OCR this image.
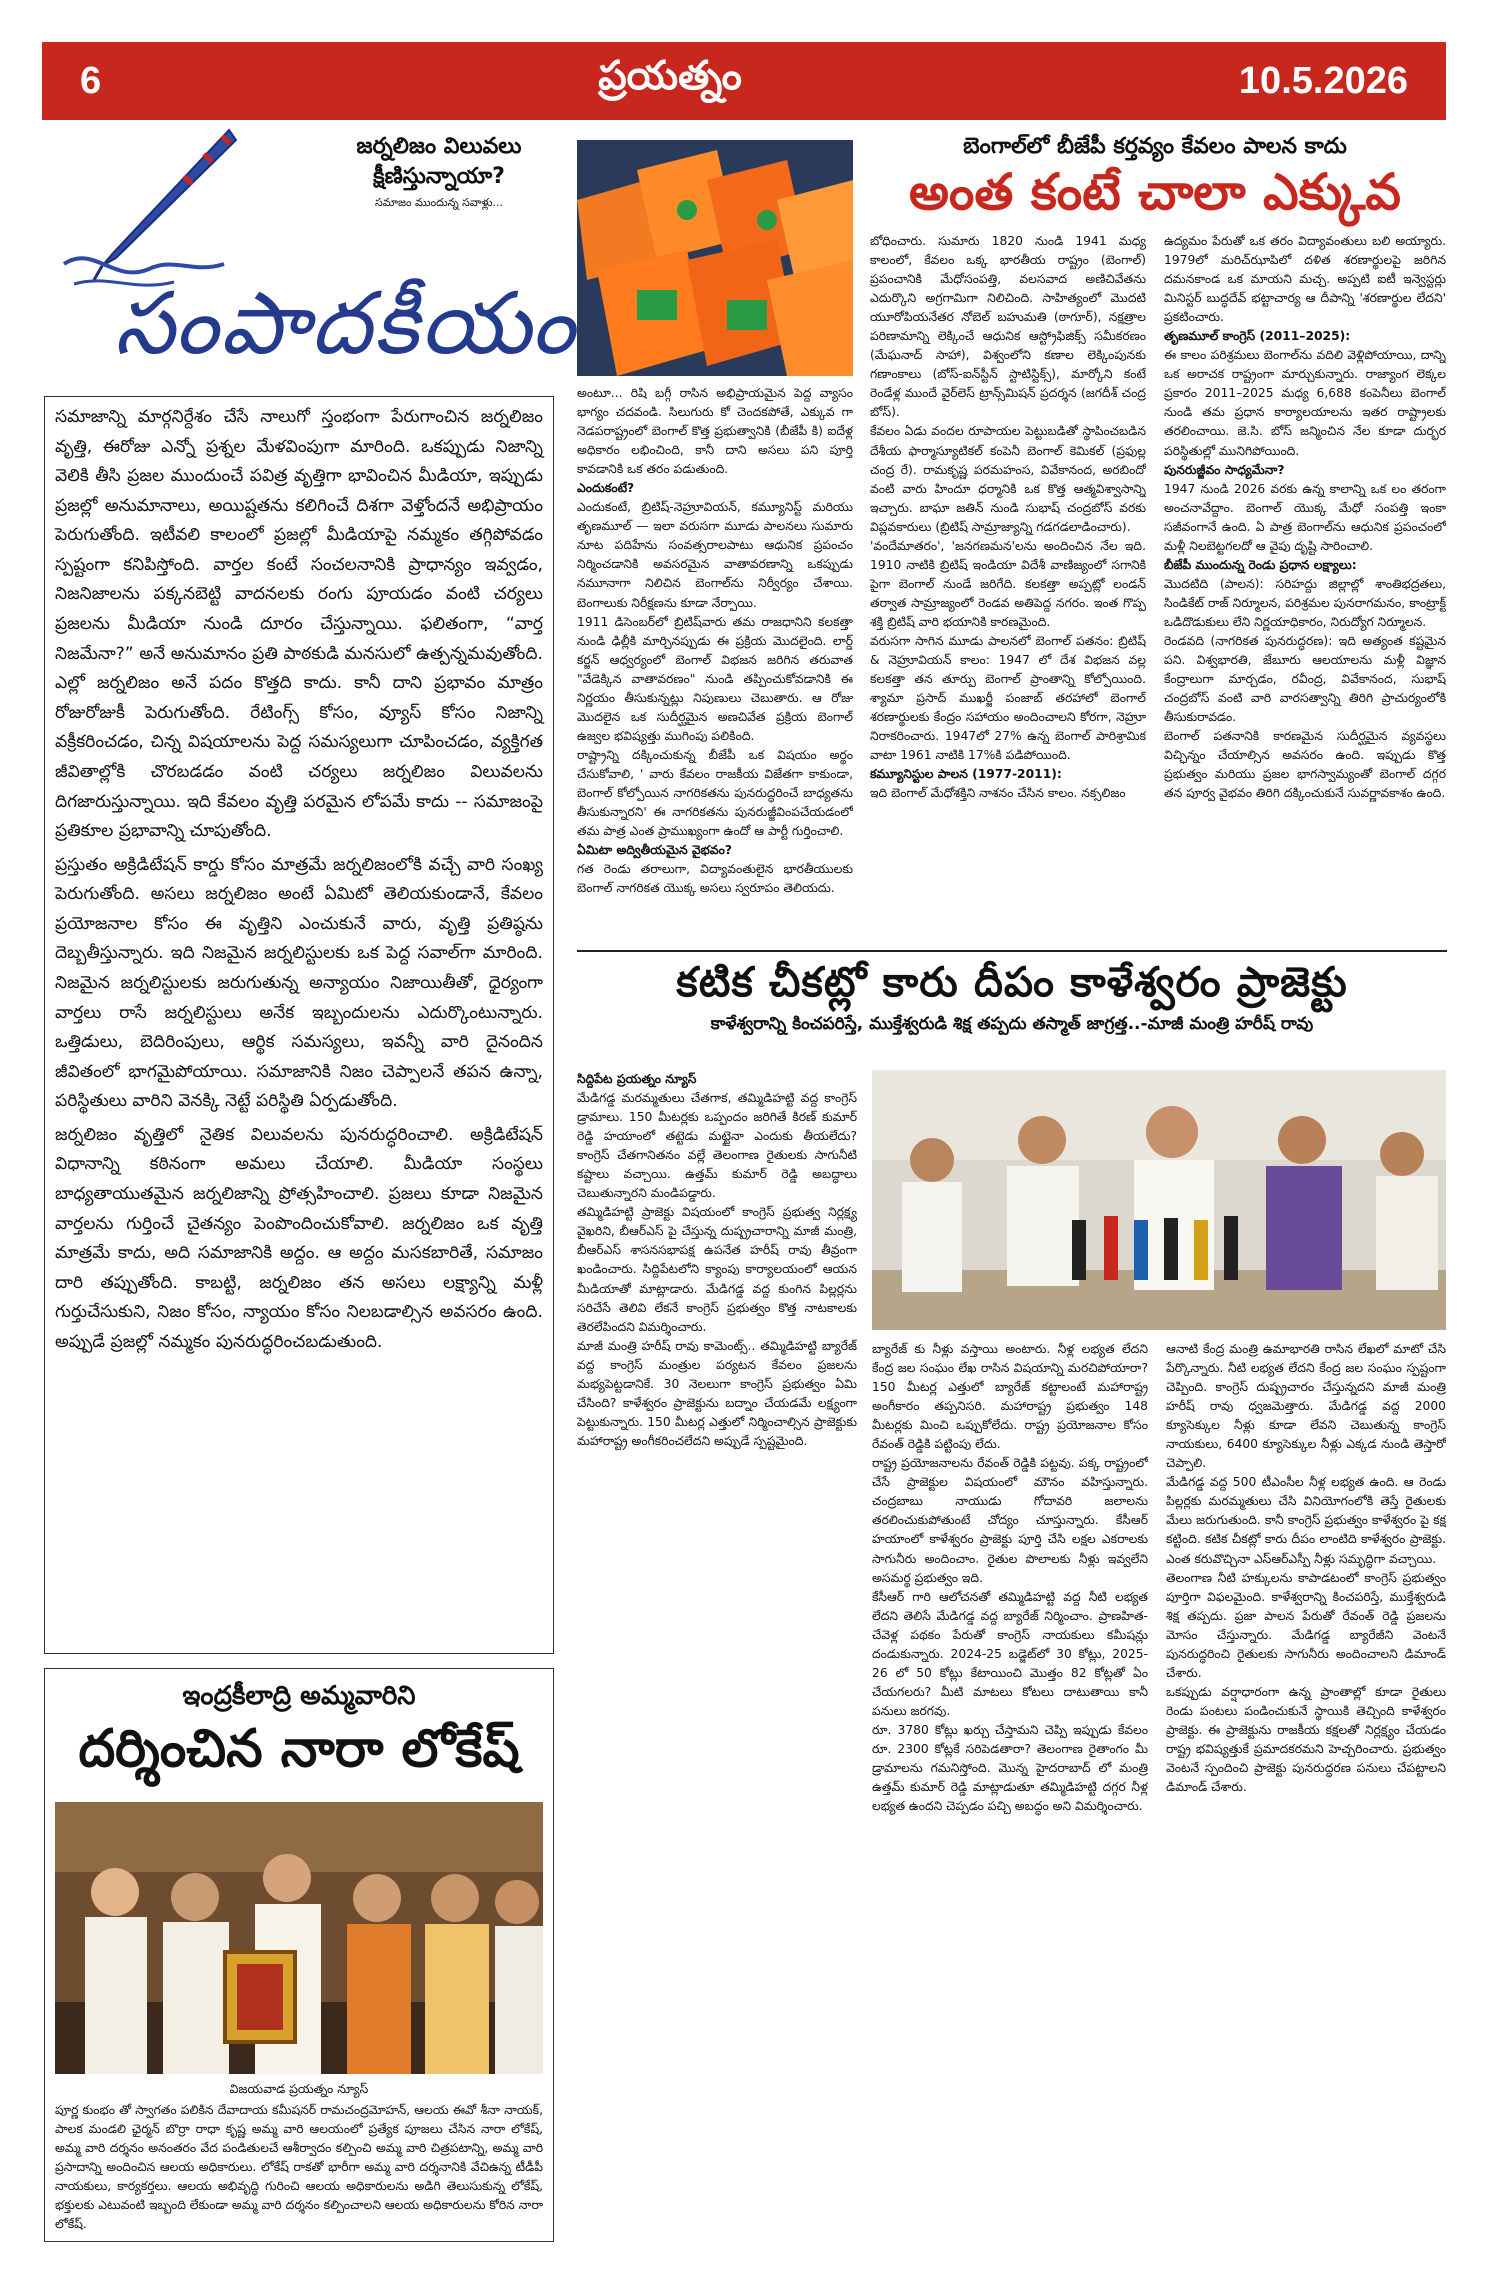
6	ప్రయత్నం	10.5.2026
జర్నలిజం విలువలు
క్షీణిస్తున్నాయా?
సమాజం ముందున్న సవాళ్లు...
సంపాదకీయం

సమాజాన్ని మార్గనిర్దేశం చేసే నాలుగో స్తంభంగా పేరుగాంచిన జర్నలిజం వృత్తి, ఈరోజు ఎన్నో ప్రశ్నల మేళవింపుగా మారింది. ఒకప్పుడు నిజాన్ని వెలికి తీసి ప్రజల ముందుంచే పవిత్ర వృత్తిగా భావించిన మీడియా, ఇప్పుడు ప్రజల్లో అనుమానాలు, అయిష్టతను కలిగించే దిశగా వెళ్తోందనే అభిప్రాయం పెరుగుతోంది. ఇటీవలి కాలంలో ప్రజల్లో మీడియాపై నమ్మకం తగ్గిపోవడం స్పష్టంగా కనిపిస్తోంది. వార్తల కంటే సంచలనానికి ప్రాధాన్యం ఇవ్వడం, నిజనిజాలను పక్కనబెట్టి వాదనలకు రంగు పూయడం వంటి చర్యలు ప్రజలను మీడియా నుండి దూరం చేస్తున్నాయి. ఫలితంగా, “వార్త నిజమేనా?” అనే అనుమానం ప్రతి పాఠకుడి మనసులో ఉత్పన్నమవుతోంది. ఎల్లో జర్నలిజం అనే పదం కొత్తది కాదు. కానీ దాని ప్రభావం మాత్రం రోజురోజుకీ పెరుగుతోంది. రేటింగ్స్ కోసం, వ్యూస్ కోసం నిజాన్ని వక్రీకరించడం, చిన్న విషయాలను పెద్ద సమస్యలుగా చూపించడం, వ్యక్తిగత జీవితాల్లోకి చొరబడడం వంటి చర్యలు జర్నలిజం విలువలను దిగజారుస్తున్నాయి. ఇది కేవలం వృత్తి పరమైన లోపమే కాదు -- సమాజంపై ప్రతికూల ప్రభావాన్ని చూపుతోంది.

ప్రస్తుతం అక్రిడిటేషన్ కార్డు కోసం మాత్రమే జర్నలిజంలోకి వచ్చే వారి సంఖ్య పెరుగుతోంది. అసలు జర్నలిజం అంటే ఏమిటో తెలియకుండానే, కేవలం ప్రయోజనాల కోసం ఈ వృత్తిని ఎంచుకునే వారు, వృత్తి ప్రతిష్ఠను దెబ్బతీస్తున్నారు. ఇది నిజమైన జర్నలిస్టులకు ఒక పెద్ద సవాల్‌గా మారింది. నిజమైన జర్నలిస్టులకు జరుగుతున్న అన్యాయం నిజాయితీతో, ధైర్యంగా వార్తలు రాసే జర్నలిస్టులు అనేక ఇబ్బందులను ఎదుర్కొంటున్నారు. ఒత్తిడులు, బెదిరింపులు, ఆర్థిక సమస్యలు, ఇవన్నీ వారి దైనందిన జీవితంలో భాగమైపోయాయి. సమాజానికి నిజం చెప్పాలనే తపన ఉన్నా, పరిస్థితులు వారిని వెనక్కి నెట్టే పరిస్థితి ఏర్పడుతోంది.

జర్నలిజం వృత్తిలో నైతిక విలువలను పునరుద్ధరించాలి. అక్రిడిటేషన్ విధానాన్ని కఠినంగా అమలు చేయాలి. మీడియా సంస్థలు బాధ్యతాయుతమైన జర్నలిజాన్ని ప్రోత్సహించాలి. ప్రజలు కూడా నిజమైన వార్తలను గుర్తించే చైతన్యం పెంపొందించుకోవాలి. జర్నలిజం ఒక వృత్తి మాత్రమే కాదు, అది సమాజానికి అద్దం. ఆ అద్దం మసకబారితే, సమాజం దారి తప్పుతోంది. కాబట్టి, జర్నలిజం తన అసలు లక్ష్యాన్ని మళ్లీ గుర్తుచేసుకుని, నిజం కోసం, న్యాయం కోసం నిలబడాల్సిన అవసరం ఉంది. అప్పుడే ప్రజల్లో నమ్మకం పునరుద్ధరించబడుతుంది.

ఇంద్రకీలాద్రి అమ్మవారిని
దర్శించిన నారా లోకేష్
విజయవాడ ప్రయత్నం న్యూస్
పూర్ణ కుంభం తో స్వాగతం పలికిన దేవాదాయ కమీషనర్ రామచంద్రమోహన్, ఆలయ ఈవో శీనా నాయక్, పాలక మండలి ఛైర్మన్ బొర్రా రాధా కృష్ణ అమ్మ వారి ఆలయంలో ప్రత్యేక పూజలు చేసిన నారా లోకేష్, అమ్మ వారి దర్శనం అనంతరం వేద పండితులచే ఆశీర్వాదం కల్పించి అమ్మ వారి చిత్రపటాన్ని, అమ్మ వారి ప్రసాదాన్ని అందించిన ఆలయ అధికారులు. లోకేష్ రాకతో భారీగా అమ్మ వారి దర్శనానికి వేచిఉన్న టీడీపీ నాయకులు, కార్యకర్తలు. ఆలయ అభివృద్ధి గురించి ఆలయ అధికారులను అడిగి తెలుసుకున్న లోకేష్, భక్తులకు ఎటువంటి ఇబ్బంది లేకుండా అమ్మ వారి దర్శనం కల్పించాలని ఆలయ అధికారులను కోరిన నారా లోకేష్.
బెంగాల్‌లో బీజేపీ కర్తవ్యం కేవలం పాలన కాదు
అంత కంటే చాలా ఎక్కువ

అంటూ... రిషి బగ్గీ రాసిన అభిప్రాయమైన పెద్ద వ్యాసం భాగ్యం చదవండి. సిలుగురు కో చెందకపోతే, ఎక్కువ గా నెడపరాష్ట్రంలో బెంగాల్ కొత్త ప్రభుత్వానికి (బీజేపీ కి) ఐదేళ్ల అధికారం లభించింది, కానీ దాని అసలు పని పూర్తి కావడానికి ఒక తరం పడుతుంది.

ఎందుకంటే?

ఎందుకంటే, బ్రిటిష్-నెహ్రూవియన్, కమ్యూనిస్ట్ మరియు తృణమూల్ — ఇలా వరుసగా మూడు పాలనలు సుమారు నూట పదిహేను సంవత్సరాలపాటు ఆధునిక ప్రపంచం నిర్మించడానికి అవసరమైన వాతావరణాన్ని ఒకప్పుడు నమూనాగా నిలిచిన బెంగాల్‌ను నిర్వీర్యం చేశాయి. బెంగాలుకు నిరీక్షణను కూడా నేర్పాయి.

1911 డిసెంబర్‌లో బ్రిటిష్‌వారు తమ రాజధానిని కలకత్తా నుండి ఢిల్లీకి మార్చినప్పుడు ఈ ప్రక్రియ మొదలైంది. లార్డ్ కర్జన్ ఆధ్వర్యంలో బెంగాల్ విభజన జరిగిన తరువాత "వేడెక్కిన వాతావరణం" నుండి తప్పించుకోవడానికి ఈ నిర్ణయం తీసుకున్నట్లు నిపుణులు చెబుతారు. ఆ రోజు మొదలైన ఒక సుదీర్ఘమైన అణచివేత ప్రక్రియ బెంగాల్ ఉజ్వల భవిష్యత్తు ముగింపు పలికింది.

రాష్ట్రాన్ని దక్కించుకున్న బీజేపీ ఒక విషయం అర్థం చేసుకోవాలి, ' వారు కేవలం రాజకీయ విజేతగా కాకుండా, బెంగాల్ కోల్పోయిన నాగరికతను పునరుద్ధరించే బాధ్యతను తీసుకున్నారని' ఈ నాగరికతను పునరుజ్జీవింపచేయడంలో తమ పాత్ర ఎంత ప్రాముఖ్యంగా ఉందో ఆ పార్టీ గుర్తించాలి.

ఏమిటా అద్వితీయమైన వైభవం?

గత రెండు తరాలుగా, విద్యావంతులైన భారతీయులకు బెంగాల్ నాగరికత యొక్క అసలు స్వరూపం తెలియదు.

బోధించారు. సుమారు 1820 నుండి 1941 మధ్య కాలంలో, కేవలం ఒక్క భారతీయ రాష్ట్రం (బెంగాల్) ప్రపంచానికి మేధోసంపత్తి, వలసవాద అణిచివేతను ఎదుర్కొని అగ్రగామిగా నిలిచింది. సాహిత్యంలో మొదటి యూరోపియనేతర నోబెల్ బహుమతి (ఠాగూర్), నక్షత్రాల పరిణామాన్ని లెక్కించే ఆధునిక ఆస్ట్రోఫిజిక్స్ సమీకరణం (మేఘనాద్ సాహా), విశ్వంలోని కణాల లెక్కింపునకు గణాంకాలు (బోస్-ఐన్‌స్టీన్ స్టాటిస్టిక్స్), మార్కోని కంటే రెండేళ్ల ముందే వైర్‌లెస్ ట్రాన్స్‌మిషన్ ప్రదర్శన (జగదీశ్ చంద్ర బోస్).

కేవలం ఏడు వందల రూపాయల పెట్టుబడితో స్థాపించబడిన దేశీయ ఫార్మాస్యూటికల్ కంపెనీ బెంగాల్ కెమికల్ (ప్రఫుల్ల చంద్ర రే). రామకృష్ణ పరమహంస, వివేకానంద, అరబిందో వంటి వారు హిందూ ధర్మానికి ఒక కొత్త ఆత్మవిశ్వాసాన్ని ఇచ్చారు. బాఘా జతిన్ నుండి సుభాష్ చంద్రబోస్ వరకు విప్లవకారులు (బ్రిటిష్ సామ్రాజ్యాన్ని గడగడలాడించారు).

'వందేమాతరం', 'జనగణమన'లను అందించిన నేల ఇది. 1910 నాటికి బ్రిటిష్ ఇండియా విదేశీ వాణిజ్యంలో సగానికి పైగా బెంగాల్ నుండే జరిగేది. కలకత్తా అప్పట్లో లండన్ తర్వాత సామ్రాజ్యంలో రెండవ అతిపెద్ద నగరం. ఇంత గొప్ప శక్తి బ్రిటిష్ వారి భయానికి కారణమైంది.

వరుసగా సాగిన మూడు పాలనలో బెంగాల్ పతనం: బ్రిటిష్ & నెహ్రూవియన్ కాలం: 1947 లో దేశ విభజన వల్ల కలకత్తా తన తూర్పు బెంగాల్ ప్రాంతాన్ని కోల్పోయింది. శ్యామా ప్రసాద్ ముఖర్జీ పంజాబ్ తరహాలో బెంగాల్ శరణార్థులకు కేంద్రం సహాయం అందించాలని కోరగా, నెహ్రూ నిరాకరించారు. 1947లో 27% ఉన్న బెంగాల్ పారిశ్రామిక వాటా 1961 నాటికి 17%కి పడిపోయింది.

కమ్యూనిస్టుల పాలన (1977-2011):

ఇది బెంగాల్ మేధోశక్తిని నాశనం చేసిన కాలం. నక్సలిజం

ఉద్యమం పేరుతో ఒక తరం విద్యావంతులు బలి అయ్యారు. 1979లో మరిచ్‌ఝాపిలో దళిత శరణార్థులపై జరిగిన దమనకాండ ఒక మాయని మచ్చ. అప్పటి ఐటీ ఇన్వెస్టర్లు మినిస్టర్ బుద్ధదేవ్ భట్టాచార్య ఆ దీపాన్ని 'శరణార్థుల లేదని' ప్రకటించారు.

తృణమూల్ కాంగ్రెస్ (2011–2025):

ఈ కాలం పరిశ్రమలు బెంగాల్‌ను వదిలి వెళ్లిపోయాయి, దాన్ని ఒక అరాచక రాష్ట్రంగా మార్చుకున్నారు. రాజ్యాంగ లెక్కల ప్రకారం 2011–2025 మధ్య 6,688 కంపెనీలు బెంగాల్ నుండి తమ ప్రధాన కార్యాలయాలను ఇతర రాష్ట్రాలకు తరలించాయి. జె.సి. బోస్ జన్మించిన నేల కూడా దుర్భర పరిస్థితుల్లో మునిగిపోయింది.

పునరుజ్జీవం సాధ్యమేనా?

1947 నుండి 2026 వరకు ఉన్న కాలాన్ని ఒక లం తరంగా అంచనావేద్దాం. బెంగాల్ యొక్క మేధో సంపత్తి ఇంకా సజీవంగానే ఉంది. ఏ పాత్ర బెంగాల్‌ను ఆధునిక ప్రపంచంలో మళ్లీ నిలబెట్టగలదో ఆ వైపు దృష్టి సారించాలి.

బీజేపీ ముందున్న రెండు ప్రధాన లక్ష్యాలు:

మొదటిది (పాలన): సరిహద్దు జిల్లాల్లో శాంతిభద్రతలు, సిండికేట్ రాజ్ నిర్మూలన, పరిశ్రమల పునరాగమనం, కాంట్రాక్ట్ ఒడిదొడుకులు లేని నిర్ణయాధికారం, నిరుద్యోగ నిర్మూలన.

రెండవది (నాగరికత పునరుద్ధరణ): ఇది అత్యంత కష్టమైన పని. విశ్వభారతి, జేబూరు ఆలయాలను మళ్లీ విజ్ఞాన కేంద్రాలుగా మార్చడం, రవీంద్ర, వివేకానంద, సుభాష్ చంద్రబోస్ వంటి వారి వారసత్వాన్ని తిరిగి ప్రాచుర్యంలోకి తీసుకురావడం.

బెంగాల్ పతనానికి కారణమైన సుదీర్ఘమైన వ్యవస్థలు విచ్ఛిన్నం చేయాల్సిన అవసరం ఉంది. ఇప్పుడు కొత్త ప్రభుత్వం మరియు ప్రజల భాగస్వామ్యంతో బెంగాల్ దగ్గర తన పూర్వ వైభవం తిరిగి దక్కించుకునే సువర్ణావకాశం ఉంది.

కటిక చీకట్లో కారు దీపం కాళేశ్వరం ప్రాజెక్టు
కాళేశ్వరాన్ని కించపరిస్తే, ముక్తేశ్వరుడి శిక్ష తప్పదు తస్మాత్ జాగ్రత్త..-మాజీ మంత్రి హరీష్ రావు

సిద్దిపేట ప్రయత్నం న్యూస్

మేడిగడ్డ మరమ్మతులు చేతగాక, తమ్మిడిహట్టి వద్ద కాంగ్రెస్ డ్రామాలు. 150 మీటర్లకు ఒప్పందం జరిగితే కిరణ్ కుమార్ రెడ్డి హయాంలో తట్టెడు మట్టైనా ఎందుకు తీయలేదు? కాంగ్రెస్ చేతగానితనం వల్లే తెలంగాణ రైతులకు సాగునీటి కష్టాలు వచ్చాయి. ఉత్తమ్ కుమార్ రెడ్డి అబద్ధాలు చెబుతున్నారని మండిపడ్డారు.

తమ్మిడిహట్టి ప్రాజెక్టు విషయంలో కాంగ్రెస్ ప్రభుత్వ నిర్లక్ష్య వైఖరిని, బీఆర్ఎస్ పై చేస్తున్న దుష్ప్రచారాన్ని మాజీ మంత్రి, బీఆర్ఎస్ శాసనసభాపక్ష ఉపనేత హరీష్ రావు తీవ్రంగా ఖండించారు. సిద్దిపేటలోని క్యాంపు కార్యాలయంలో ఆయన మీడియాతో మాట్లాడారు. మేడిగడ్డ వద్ద కుంగిన పిల్లర్లను సరిచేసే తెలివి లేకనే కాంగ్రెస్ ప్రభుత్వం కొత్త నాటకాలకు తెరలేపిందని విమర్శించారు.

మాజీ మంత్రి హరీష్ రావు కామెంట్స్.. తమ్మిడిహట్టి బ్యారేజ్ వద్ద కాంగ్రెస్ మంత్రుల పర్యటన కేవలం ప్రజలను మభ్యపెట్టడానికే. 30 నెలలుగా కాంగ్రెస్ ప్రభుత్వం ఏమి చేసింది? కాళేశ్వరం ప్రాజెక్టును బద్నాం చేయడమే లక్ష్యంగా పెట్టుకున్నారు. 150 మీటర్ల ఎత్తులో నిర్మించాల్సిన ప్రాజెక్టుకు మహారాష్ట్ర అంగీకరించలేదని అప్పుడే స్పష్టమైంది.

బ్యారేజ్ కు నీళ్లు వస్తాయి అంటారు. నీళ్ల లభ్యత లేదని కేంద్ర జల సంఘం లేఖ రాసిన విషయాన్ని మరచిపోయారా? 150 మీటర్ల ఎత్తులో బ్యారేజ్ కట్టాలంటే మహారాష్ట్ర అంగీకారం తప్పనిసరి. మహారాష్ట్ర ప్రభుత్వం 148 మీటర్లకు మించి ఒప్పుకోలేదు. రాష్ట్ర ప్రయోజనాల కోసం రేవంత్ రెడ్డికి పట్టింపు లేదు.

రాష్ట్ర ప్రయోజనాలను రేవంత్ రెడ్డికి పట్టవు. పక్క రాష్ట్రంలో చేసే ప్రాజెక్టుల విషయంలో మౌనం వహిస్తున్నారు. చంద్రబాబు నాయుడు గోదావరి జలాలను తరలించుకుపోతుంటే చోద్యం చూస్తున్నారు. కేసీఆర్ హయాంలో కాళేశ్వరం ప్రాజెక్టు పూర్తి చేసి లక్షల ఎకరాలకు సాగునీరు అందించాం. రైతుల పొలాలకు నీళ్లు ఇవ్వలేని అసమర్థ ప్రభుత్వం ఇది.

కేసీఆర్ గారి ఆలోచనతో తమ్మిడిహట్టి వద్ద నీటి లభ్యత లేదని తెలిసే మేడిగడ్డ వద్ద బ్యారేజ్ నిర్మించాం. ప్రాణహిత-చేవెళ్ల పథకం పేరుతో కాంగ్రెస్ నాయకులు కమీషన్లు దండుకున్నారు. 2024-25 బడ్జెట్‌లో 30 కోట్లు, 2025-26 లో 50 కోట్లు కేటాయించి మొత్తం 82 కోట్లతో ఏం చేయగలరు? మీటి మాటలు కోటలు దాటుతాయి కానీ పనులు జరగవు.

రూ. 3780 కోట్లు ఖర్చు చేస్తామని చెప్పి ఇప్పుడు కేవలం రూ. 2300 కోట్లకే సరిపెడతారా? తెలంగాణ రైతాంగం మీ డ్రామాలను గమనిస్తోంది. మొన్న హైదరాబాద్ లో మంత్రి ఉత్తమ్ కుమార్ రెడ్డి మాట్లాడుతూ తమ్మిడిహట్టి దగ్గర నీళ్ల లభ్యత ఉందని చెప్పడం పచ్చి అబద్ధం అని విమర్శించారు.

ఆనాటి కేంద్ర మంత్రి ఉమాభారతి రాసిన లేఖలో మాటో చేసి పేర్కొన్నారు. నీటి లభ్యత లేదని కేంద్ర జల సంఘం స్పష్టంగా చెప్పింది. కాంగ్రెస్ దుష్ప్రచారం చేస్తున్నదని మాజీ మంత్రి హరీష్ రావు ధ్వజమెత్తారు. మేడిగడ్డ వద్ద 2000 క్యూసెక్కుల నీళ్లు కూడా లేవని చెబుతున్న కాంగ్రెస్ నాయకులు, 6400 క్యూసెక్కుల నీళ్లు ఎక్కడ నుండి తెస్తారో చెప్పాలి.

మేడిగడ్డ వద్ద 500 టీఎంసీల నీళ్ల లభ్యత ఉంది. ఆ రెండు పిల్లర్లకు మరమ్మతులు చేసి వినియోగంలోకి తెస్తే రైతులకు మేలు జరుగుతుంది. కానీ కాంగ్రెస్ ప్రభుత్వం కాళేశ్వరం పై కక్ష కట్టింది. కటిక చీకట్లో కారు దీపం లాంటిది కాళేశ్వరం ప్రాజెక్టు. ఎంత కరువొచ్చినా ఎస్ఆర్ఎస్పీ నీళ్లు సమృద్ధిగా వచ్చాయి.

తెలంగాణ నీటి హక్కులను కాపాడటంలో కాంగ్రెస్ ప్రభుత్వం పూర్తిగా విఫలమైంది. కాళేశ్వరాన్ని కించపరిస్తే, ముక్తేశ్వరుడి శిక్ష తప్పదు. ప్రజా పాలన పేరుతో రేవంత్ రెడ్డి ప్రజలను మోసం చేస్తున్నారు. మేడిగడ్డ బ్యారేజీని వెంటనే పునరుద్ధరించి రైతులకు సాగునీరు అందించాలని డిమాండ్ చేశారు.

ఒకప్పుడు వర్షాధారంగా ఉన్న ప్రాంతాల్లో కూడా రైతులు రెండు పంటలు పండించుకునే స్థాయికి తెచ్చింది కాళేశ్వరం ప్రాజెక్టు. ఈ ప్రాజెక్టును రాజకీయ కక్షలతో నిర్లక్ష్యం చేయడం రాష్ట్ర భవిష్యత్తుకే ప్రమాదకరమని హెచ్చరించారు. ప్రభుత్వం వెంటనే స్పందించి ప్రాజెక్టు పునరుద్ధరణ పనులు చేపట్టాలని డిమాండ్ చేశారు.
